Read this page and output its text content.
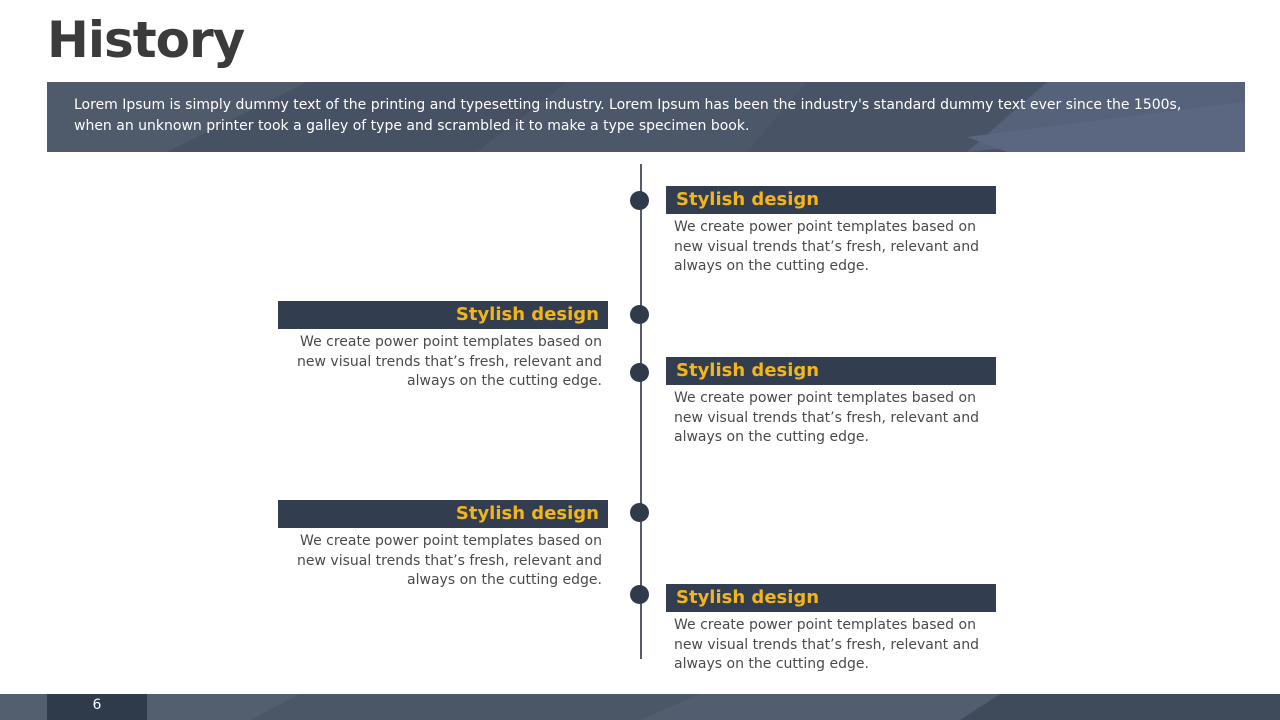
History
Lorem Ipsum is simply dummy text of the printing and typesetting industry. Lorem Ipsum has been the industry's standard dummy text ever since the 1500s, when an unknown printer took a galley of type and scrambled it to make a type specimen book.
Stylish design
We create power point templates based on new visual trends that’s fresh, relevant and always on the cutting edge.
Stylish design
We create power point templates based on new visual trends that’s fresh, relevant and always on the cutting edge.	Stylish design
We create power point templates based on new visual trends that’s fresh, relevant and always on the cutting edge.
Stylish design
We create power point templates based on new visual trends that’s fresh, relevant and always on the cutting edge.
Stylish design
We create power point templates based on new visual trends that’s fresh, relevant and always on the cutting edge.
6
